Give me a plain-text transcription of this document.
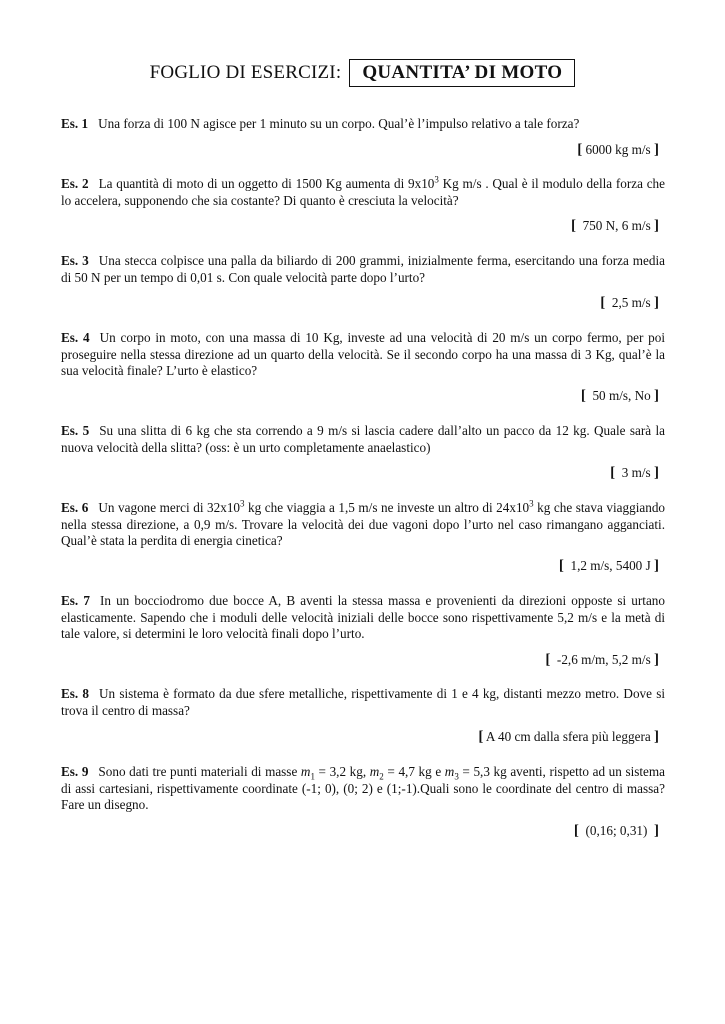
FOGLIO DI ESERCIZI:	QUANTITA’ DI MOTO
Es. 1 Una forza di 100 N agisce per 1 minuto su un corpo. Qual’è l’impulso relativo a tale forza?
[ 6000 kg m/s ]
Es. 2 La quantità di moto di un oggetto di 1500 Kg aumenta di $9x10^3$ Kg m/s . Qual è il modulo della forza che lo accelera, supponendo che sia costante? Di quanto è cresciuta la velocità?
[ 750 N, 6 m/s ]
Es. 3 Una stecca colpisce una palla da biliardo di 200 grammi, inizialmente ferma, esercitando una forza media di 50 N per un tempo di 0,01 s. Con quale velocità parte dopo l’urto?
[ 2,5 m/s ]
Es. 4 Un corpo in moto, con una massa di 10 Kg, investe ad una velocità di 20 m/s un corpo fermo, per poi proseguire nella stessa direzione ad un quarto della velocità. Se il secondo corpo ha una massa di 3 Kg, qual’è la sua velocità finale? L’urto è elastico?
[ 50 m/s, No ]
Es. 5 Su una slitta di 6 kg che sta correndo a 9 m/s si lascia cadere dall’alto un pacco da 12 kg. Quale sarà la nuova velocità della slitta? (oss: è un urto completamente anaelastico)
[ 3 m/s ]
Es. 6 Un vagone merci di $32x10^3$ kg che viaggia a 1,5 m/s ne investe un altro di $24x10^3$ kg che stava viaggiando nella stessa direzione, a 0,9 m/s. Trovare la velocità dei due vagoni dopo l’urto nel caso rimangano agganciati. Qual’è stata la perdita di energia cinetica?
[ 1,2 m/s, 5400 J ]
Es. 7 In un bocciodromo due bocce A, B aventi la stessa massa e provenienti da direzioni opposte si urtano elasticamente. Sapendo che i moduli delle velocità iniziali delle bocce sono rispettivamente 5,2 m/s e la metà di tale valore, si determini le loro velocità finali dopo l’urto.
[ -2,6 m/m, 5,2 m/s ]
Es. 8 Un sistema è formato da due sfere metalliche, rispettivamente di 1 e 4 kg, distanti mezzo metro. Dove si trova il centro di massa?
[ A 40 cm dalla sfera più leggera ]
Es. 9 Sono dati tre punti materiali di masse $m_1 = 3,2$ kg, $m_2 = 4,7$ kg e $m_3 = 5,3$ kg aventi, rispetto ad un sistema di assi cartesiani, rispettivamente coordinate (-1; 0), (0; 2) e (1;-1).Quali sono le coordinate del centro di massa? Fare un disegno.
[ (0,16; 0,31) ]
